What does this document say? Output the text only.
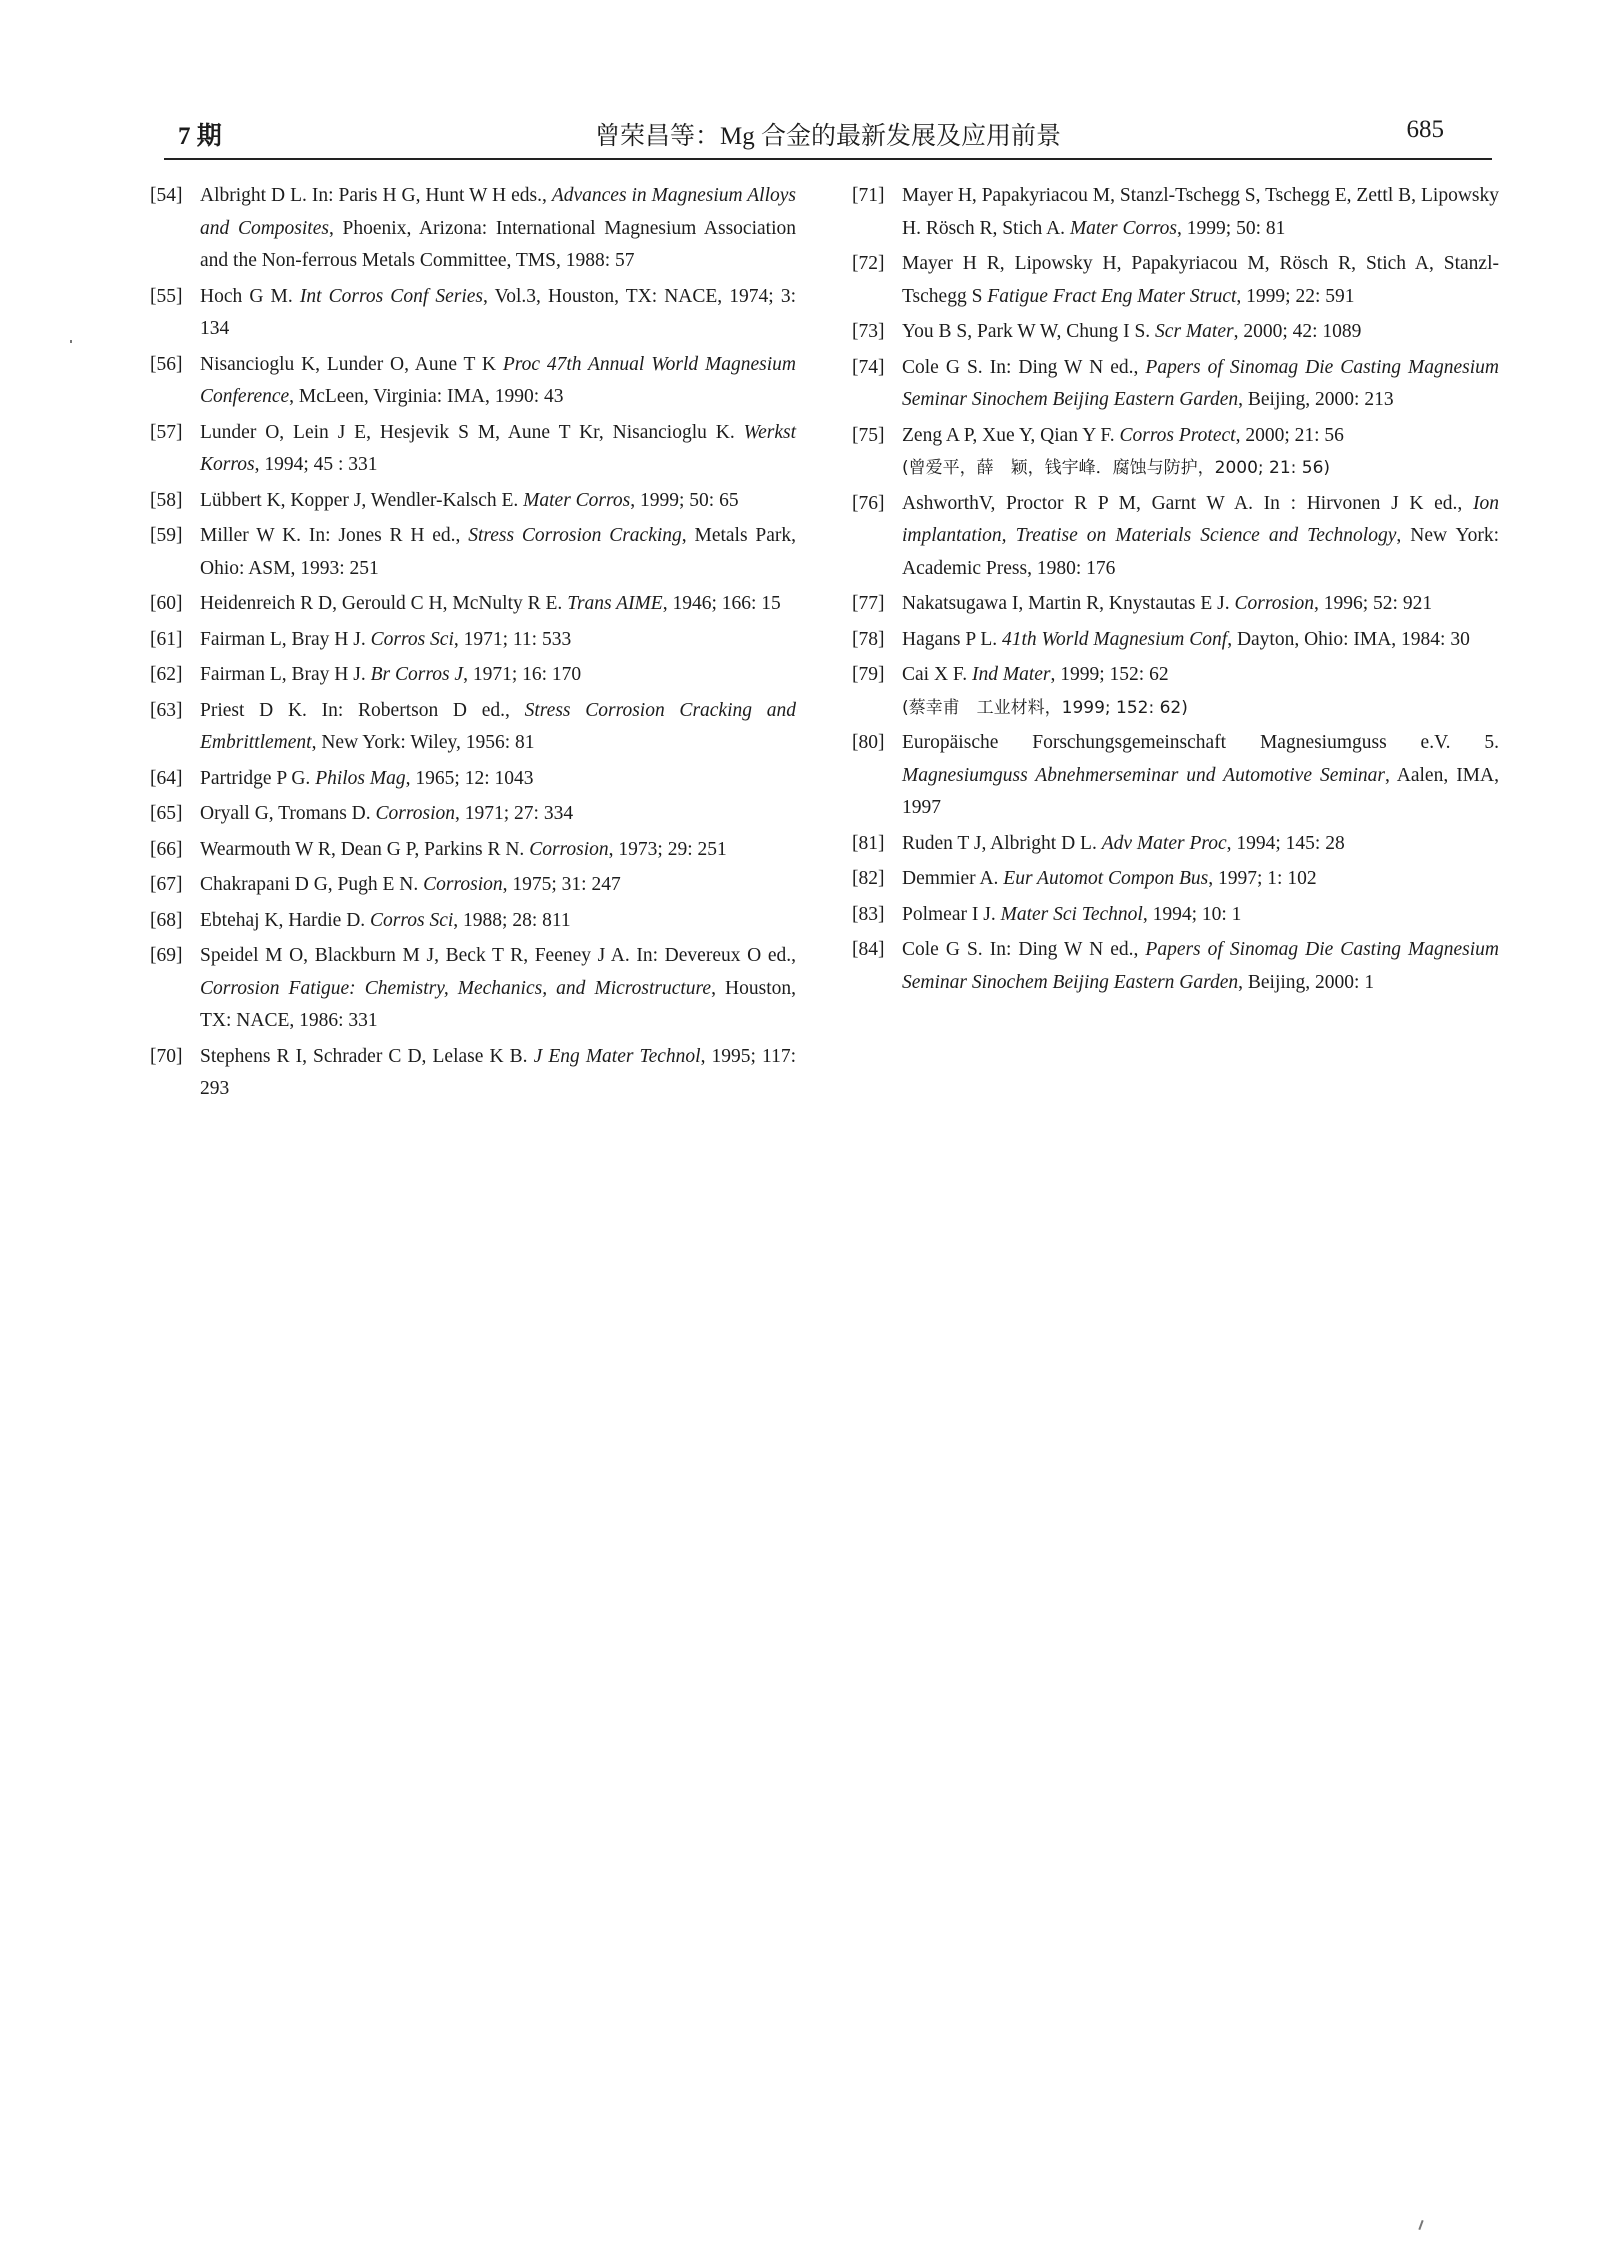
7 期	曾荣昌等：Mg 合金的最新发展及应用前景	685
[54] Albright D L. In: Paris H G, Hunt W H eds., Advances in Magnesium Alloys and Composites, Phoenix, Arizona: International Magnesium Association and the Non-ferrous Metals Committee, TMS, 1988: 57
[55] Hoch G M. Int Corros Conf Series, Vol.3, Houston, TX: NACE, 1974; 3: 134
[56] Nisancioglu K, Lunder O, Aune T K Proc 47th Annual World Magnesium Conference, McLeen, Virginia: IMA, 1990: 43
[57] Lunder O, Lein J E, Hesjevik S M, Aune T Kr, Nisancioglu K. Werkst Korros, 1994; 45 : 331
[58] Lübbert K, Kopper J, Wendler-Kalsch E. Mater Corros, 1999; 50: 65
[59] Miller W K. In: Jones R H ed., Stress Corrosion Cracking, Metals Park, Ohio: ASM, 1993: 251
[60] Heidenreich R D, Gerould C H, McNulty R E. Trans AIME, 1946; 166: 15
[61] Fairman L, Bray H J. Corros Sci, 1971; 11: 533
[62] Fairman L, Bray H J. Br Corros J, 1971; 16: 170
[63] Priest D K. In: Robertson D ed., Stress Corrosion Cracking and Embrittlement, New York: Wiley, 1956: 81
[64] Partridge P G. Philos Mag, 1965; 12: 1043
[65] Oryall G, Tromans D. Corrosion, 1971; 27: 334
[66] Wearmouth W R, Dean G P, Parkins R N. Corrosion, 1973; 29: 251
[67] Chakrapani D G, Pugh E N. Corrosion, 1975; 31: 247
[68] Ebtehaj K, Hardie D. Corros Sci, 1988; 28: 811
[69] Speidel M O, Blackburn M J, Beck T R, Feeney J A. In: Devereux O ed., Corrosion Fatigue: Chemistry, Mechanics, and Microstructure, Houston, TX: NACE, 1986: 331
[70] Stephens R I, Schrader C D, Lelase K B. J Eng Mater Technol, 1995; 117: 293
[71] Mayer H, Papakyriacou M, Stanzl-Tschegg S, Tschegg E, Zettl B, Lipowsky H. Rösch R, Stich A. Mater Corros, 1999; 50: 81
[72] Mayer H R, Lipowsky H, Papakyriacou M, Rösch R, Stich A, Stanzl-Tschegg S Fatigue Fract Eng Mater Struct, 1999; 22: 591
[73] You B S, Park W W, Chung I S. Scr Mater, 2000; 42: 1089
[74] Cole G S. In: Ding W N ed., Papers of Sinomag Die Casting Magnesium Seminar Sinochem Beijing Eastern Garden, Beijing, 2000: 213
[75] Zeng A P, Xue Y, Qian Y F. Corros Protect, 2000; 21: 56
(曾爱平，薛　颖，钱宇峰．腐蚀与防护，2000; 21: 56)
[76] AshworthV, Proctor R P M, Garnt W A. In : Hirvonen J K ed., Ion implantation, Treatise on Materials Science and Technology, New York: Academic Press, 1980: 176
[77] Nakatsugawa I, Martin R, Knystautas E J. Corrosion, 1996; 52: 921
[78] Hagans P L. 41th World Magnesium Conf, Dayton, Ohio: IMA, 1984: 30
[79] Cai X F. Ind Mater, 1999; 152: 62
(蔡幸甫　工业材料，1999; 152: 62)
[80] Europäische Forschungsgemeinschaft Magnesiumguss e.V. 5. Magnesiumguss Abnehmerseminar und Automotive Seminar, Aalen, IMA, 1997
[81] Ruden T J, Albright D L. Adv Mater Proc, 1994; 145: 28
[82] Demmier A. Eur Automot Compon Bus, 1997; 1: 102
[83] Polmear I J. Mater Sci Technol, 1994; 10: 1
[84] Cole G S. In: Ding W N ed., Papers of Sinomag Die Casting Magnesium Seminar Sinochem Beijing Eastern Garden, Beijing, 2000: 1
